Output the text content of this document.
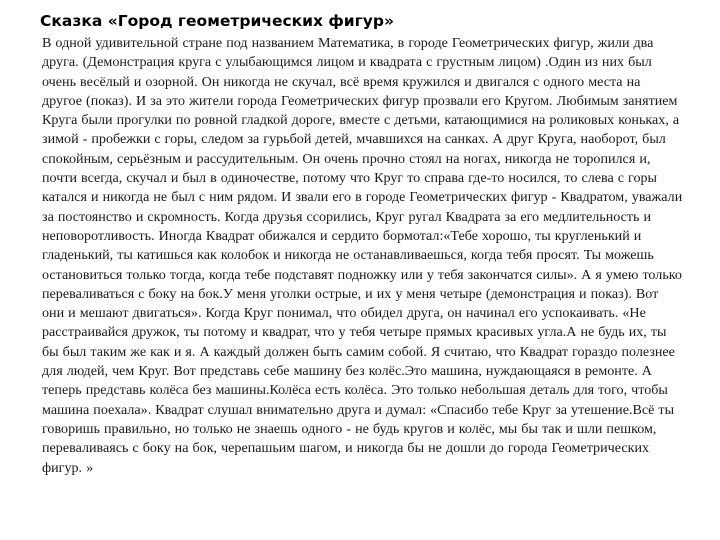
Сказка «Город геометрических фигур»

В одной удивительной стране под названием Математика, в городе Геометрических фигур, жили два друга. (Демонстрация круга с улыбающимся лицом и квадрата с грустным лицом) .Один из них был очень весёлый и озорной. Он никогда не скучал, всё время кружился и двигался с одного места на другое (показ). И за это жители города Геометрических фигур прозвали его Кругом. Любимым занятием Круга были прогулки по ровной гладкой дороге, вместе с детьми, катающимися на роликовых коньках, а зимой - пробежки с горы, следом за гурьбой детей, мчавшихся на санках. А друг Круга, наоборот, был спокойным, серьёзным и рассудительным. Он очень прочно стоял на ногах, никогда не торопился и, почти всегда, скучал и был в одиночестве, потому что Круг то справа где-то носился, то слева с горы катался и никогда не был с ним рядом. И звали его в городе Геометрических фигур - Квадратом, уважали за постоянство и скромность. Когда друзья ссорились, Круг ругал Квадрата за его медлительность и неповоротливость. Иногда Квадрат обижался и сердито бормотал:«Тебе хорошо, ты кругленький и гладенький, ты катишься как колобок и никогда не останавливаешься, когда тебя просят. Ты можешь остановиться только тогда, когда тебе подставят подножку или у тебя закончатся силы». А я умею только переваливаться с боку на бок.У меня уголки острые, и их у меня четыре (демонстрация и показ). Вот они и мешают двигаться». Когда Круг понимал, что обидел друга, он начинал его успокаивать. «Не расстраивайся дружок, ты потому и квадрат, что у тебя четыре прямых красивых угла.А не будь их, ты бы был таким же как и я. А каждый должен быть самим собой. Я считаю, что Квадрат гораздо полезнее для людей, чем Круг. Вот представь себе машину без колёс.Это машина, нуждающаяся в ремонте. А теперь представь колёса без машины.Колёса есть колёса. Это только небольшая деталь для того, чтобы машина поехала». Квадрат слушал внимательно друга и думал: «Спасибо тебе Круг за утешение.Всё ты говоришь правильно, но только не знаешь одного - не будь кругов и колёс, мы бы так и шли пешком, переваливаясь с боку на бок, черепашьим шагом, и никогда бы не дошли до города Геометрических фигур. »
